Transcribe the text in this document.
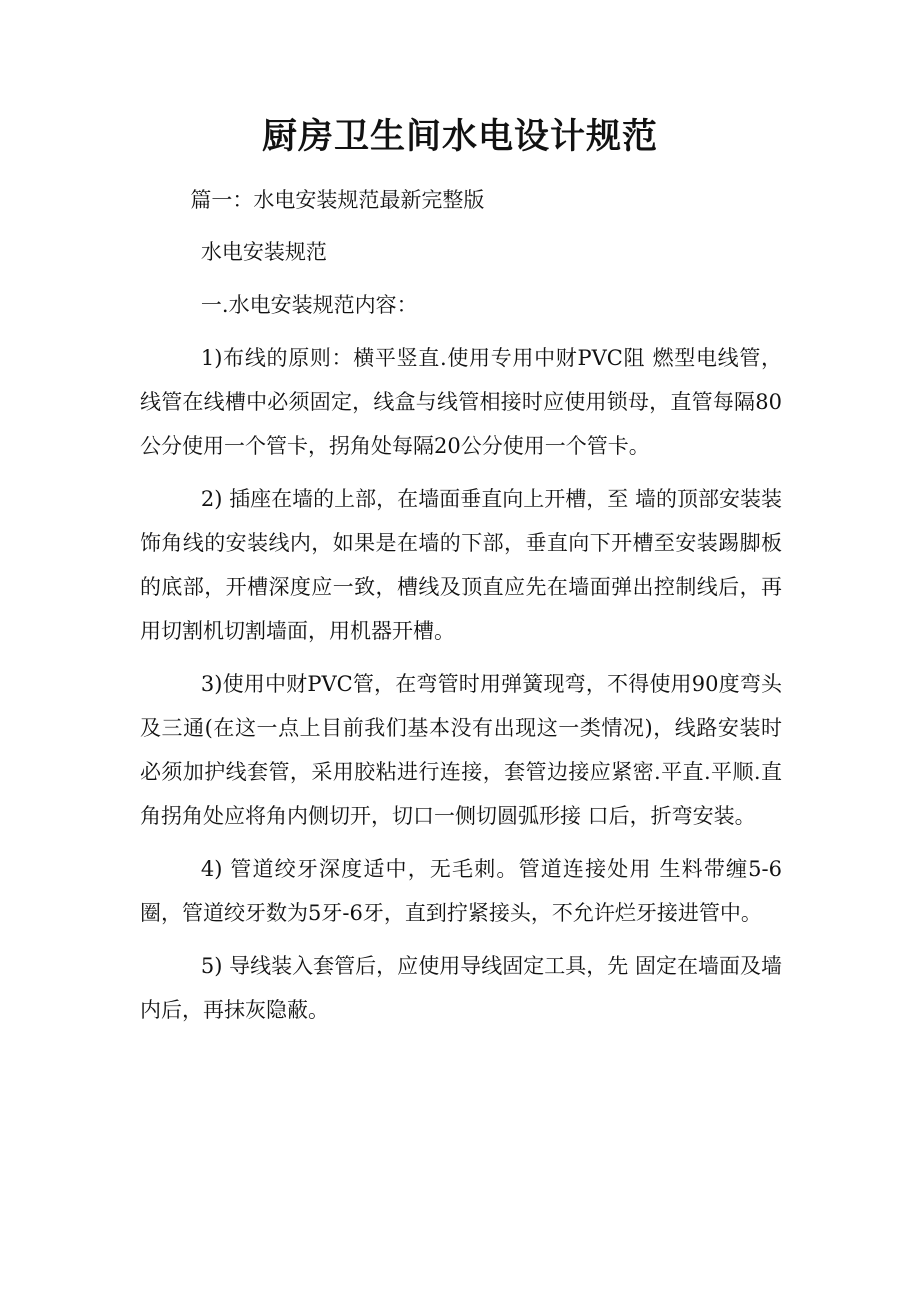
厨房卫生间水电设计规范

篇一：水电安装规范最新完整版

水电安装规范

一.水电安装规范内容：

1)布线的原则：横平竖直.使用专用中财PVC阻 燃型电线管，线管在线槽中必须固定，线盒与线管相接时应使用锁母，直管每隔80公分使用一个管卡，拐角处每隔20公分使用一个管卡。

2) 插座在墙的上部，在墙面垂直向上开槽，至 墙的顶部安装装饰角线的安装线内，如果是在墙的下部，垂直向下开槽至安装踢脚板的底部，开槽深度应一致，槽线及顶直应先在墙面弹出控制线后，再用切割机切割墙面，用机器开槽。

3)使用中财PVC管，在弯管时用弹簧现弯，不得使用90度弯头及三通(在这一点上目前我们基本没有出现这一类情况)，线路安装时必须加护线套管，采用胶粘进行连接，套管边接应紧密.平直.平顺.直角拐角处应将角内侧切开，切口一侧切圆弧形接 口后，折弯安装。

4) 管道绞牙深度适中，无毛刺。管道连接处用 生料带缠5-6圈，管道绞牙数为5牙-6牙，直到拧紧接头，不允许烂牙接进管中。

5) 导线装入套管后，应使用导线固定工具，先 固定在墙面及墙内后，再抹灰隐蔽。
